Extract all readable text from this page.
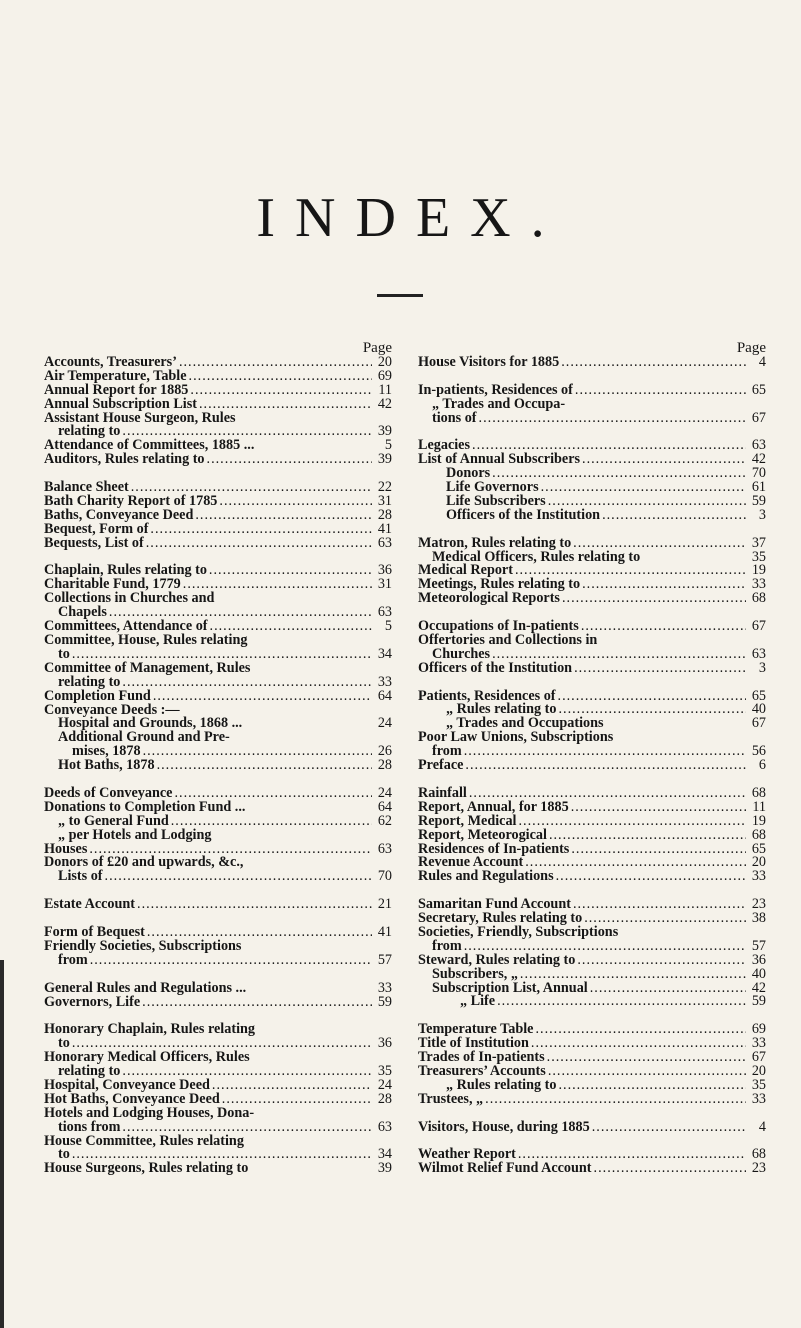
INDEX.
Page
Accounts, Treasurers’ .....	20
Air Temperature, Table .....	69
Annual Report for 1885 .....	11
Annual Subscription List .....	42
Assistant House Surgeon, Rules
relating to .....	39
Attendance of Committees, 1885 ...	5
Auditors, Rules relating to .....	39
Balance Sheet .....	22
Bath Charity Report of 1785 .....	31
Baths, Conveyance Deed .....	28
Bequest, Form of .....	41
Bequests, List of .....	63
Chaplain, Rules relating to .....	36
Charitable Fund, 1779 .....	31
Collections in Churches and
Chapels .....	63
Committees, Attendance of .....	5
Committee, House, Rules relating
to .....	34
Committee of Management, Rules
relating to .....	33
Completion Fund .....	64
Conveyance Deeds :—
Hospital and Grounds, 1868 ...	24
Additional Ground and Pre-
mises, 1878 .....	26
Hot Baths, 1878 .....	28
Deeds of Conveyance .....	24
Donations to Completion Fund ...	64
„ to General Fund .....	62
„ per Hotels and Lodging
Houses .....	63
Donors of £20 and upwards, &c.,
Lists of .....	70
Estate Account .....	21
Form of Bequest .....	41
Friendly Societies, Subscriptions
from .....	57
General Rules and Regulations ...	33
Governors, Life .....	59
Honorary Chaplain, Rules relating
to .....	36
Honorary Medical Officers, Rules
relating to .....	35
Hospital, Conveyance Deed .....	24
Hot Baths, Conveyance Deed .....	28
Hotels and Lodging Houses, Dona-
tions from .....	63
House Committee, Rules relating
to .....	34
House Surgeons, Rules relating to	39
Page
House Visitors for 1885 .....	4
In-patients, Residences of .....	65
„ Trades and Occupa-
tions of .....	67
Legacies .....	63
List of Annual Subscribers .....	42
Donors .....	70
Life Governors .....	61
Life Subscribers .....	59
Officers of the Institution .....	3
Matron, Rules relating to .....	37
Medical Officers, Rules relating to	35
Medical Report .....	19
Meetings, Rules relating to .....	33
Meteorological Reports .....	68
Occupations of In-patients .....	67
Offertories and Collections in
Churches .....	63
Officers of the Institution .....	3
Patients, Residences of .....	65
„ Rules relating to .....	40
„ Trades and Occupations	67
Poor Law Unions, Subscriptions
from .....	56
Preface .....	6
Rainfall .....	68
Report, Annual, for 1885 .....	11
Report, Medical .....	19
Report, Meteorogical .....	68
Residences of In-patients .....	65
Revenue Account .....	20
Rules and Regulations .....	33
Samaritan Fund Account .....	23
Secretary, Rules relating to .....	38
Societies, Friendly, Subscriptions
from .....	57
Steward, Rules relating to .....	36
Subscribers, „ .....	40
Subscription List, Annual .....	42
„ Life .....	59
Temperature Table .....	69
Title of Institution .....	33
Trades of In-patients .....	67
Treasurers’ Accounts .....	20
„ Rules relating to .....	35
Trustees, „ .....	33
Visitors, House, during 1885 .....	4
Weather Report .....	68
Wilmot Relief Fund Account .....	23
